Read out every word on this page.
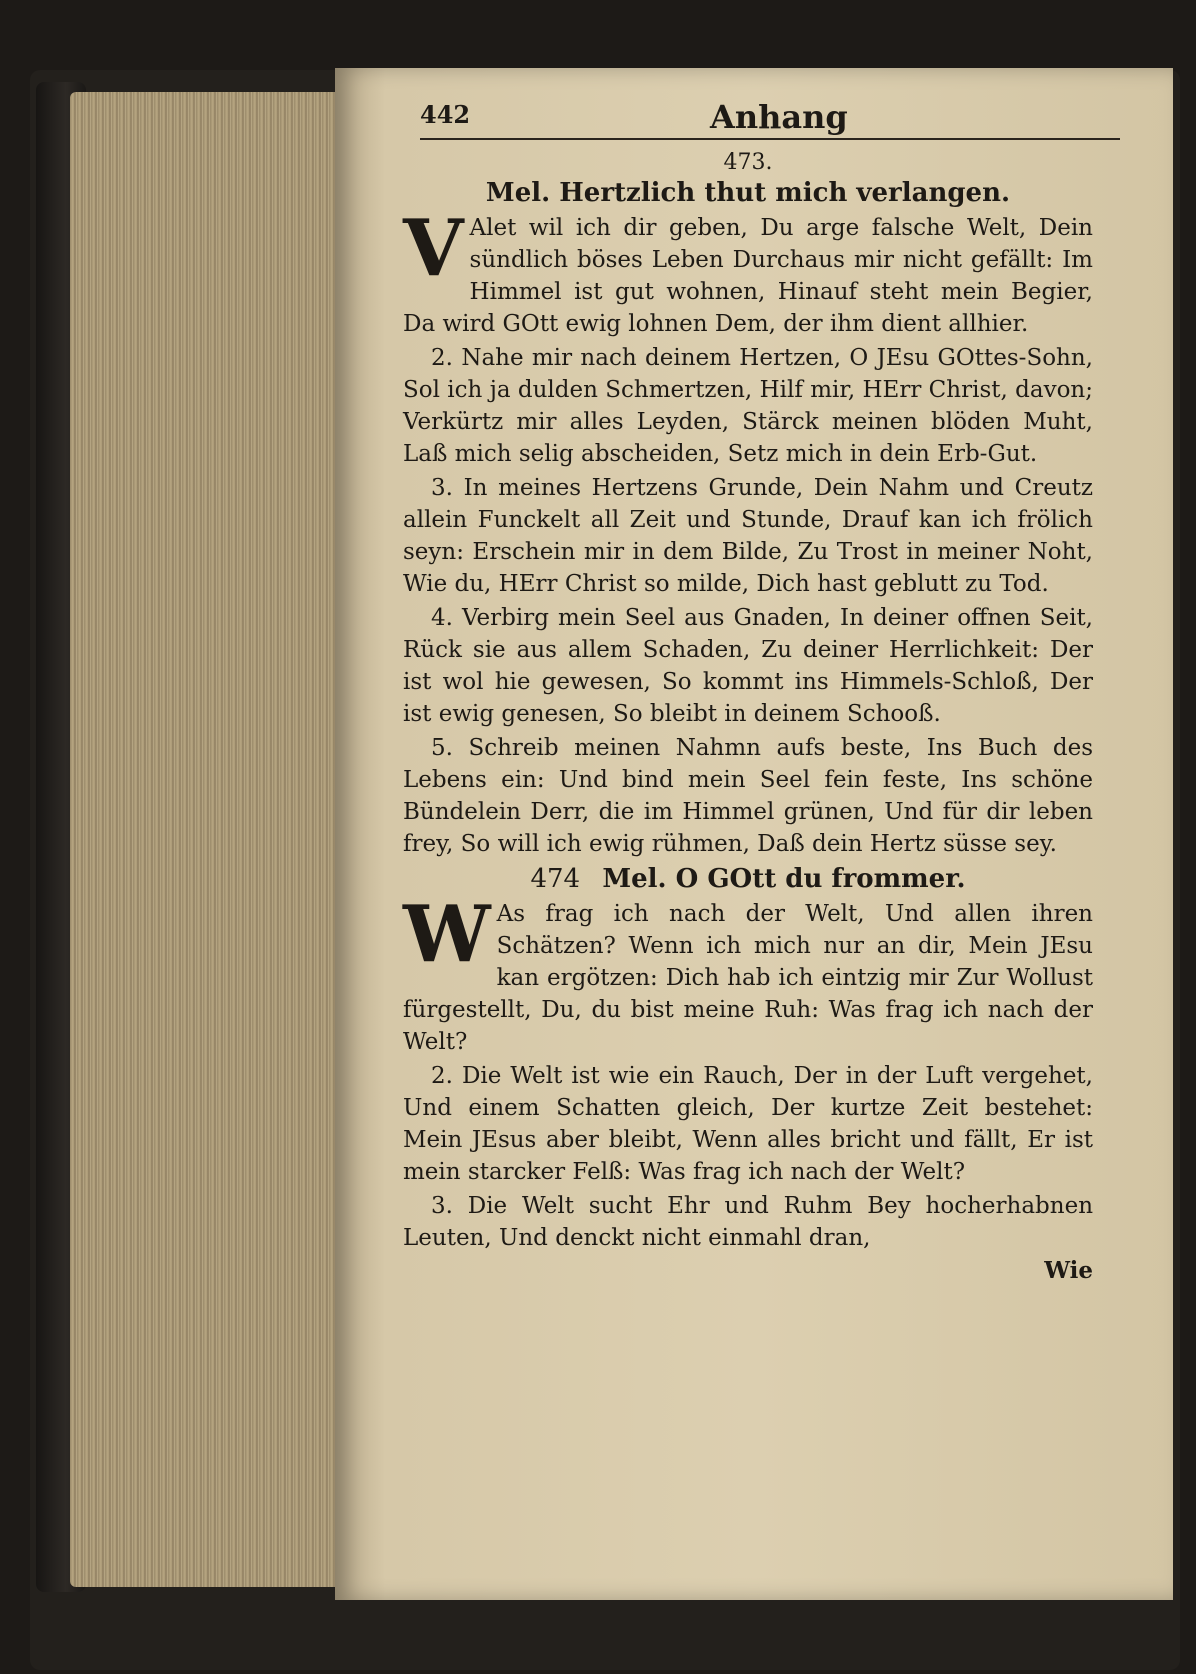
442	Anhang

473.

Mel. Hertzlich thut mich verlangen.

V Alet wil ich dir geben, Du arge falsche Welt, Dein sündlich böses Leben Durchaus mir nicht gefällt: Im Himmel ist gut wohnen, Hinauf steht mein Begier, Da wird GOtt ewig lohnen Dem, der ihm dient allhier.

2. Nahe mir nach deinem Hertzen, O JEsu GOttes-Sohn, Sol ich ja dulden Schmertzen, Hilf mir, HErr Christ, davon; Verkürtz mir alles Leyden, Stärck meinen blöden Muht, Laß mich selig abscheiden, Setz mich in dein Erb-Gut.

3. In meines Hertzens Grunde, Dein Nahm und Creutz allein Funckelt all Zeit und Stunde, Drauf kan ich frölich seyn: Erschein mir in dem Bilde, Zu Trost in meiner Noht, Wie du, HErr Christ so milde, Dich hast geblutt zu Tod.

4. Verbirg mein Seel aus Gnaden, In deiner offnen Seit, Rück sie aus allem Schaden, Zu deiner Herrlichkeit: Der ist wol hie gewesen, So kommt ins Himmels-Schloß, Der ist ewig genesen, So bleibt in deinem Schooß.

5. Schreib meinen Nahmn aufs beste, Ins Buch des Lebens ein: Und bind mein Seel fein feste, Ins schöne Bündelein Derr, die im Himmel grünen, Und für dir leben frey, So will ich ewig rühmen, Daß dein Hertz süsse sey.

474 Mel. O GOtt du frommer.

W As frag ich nach der Welt, Und allen ihren Schätzen? Wenn ich mich nur an dir, Mein JEsu kan ergötzen: Dich hab ich eintzig mir Zur Wollust fürgestellt, Du, du bist meine Ruh: Was frag ich nach der Welt?

2. Die Welt ist wie ein Rauch, Der in der Luft vergehet, Und einem Schatten gleich, Der kurtze Zeit bestehet: Mein JEsus aber bleibt, Wenn alles bricht und fällt, Er ist mein starcker Felß: Was frag ich nach der Welt?

3. Die Welt sucht Ehr und Ruhm Bey hocherhabnen Leuten, Und denckt nicht einmahl dran,

Wie
